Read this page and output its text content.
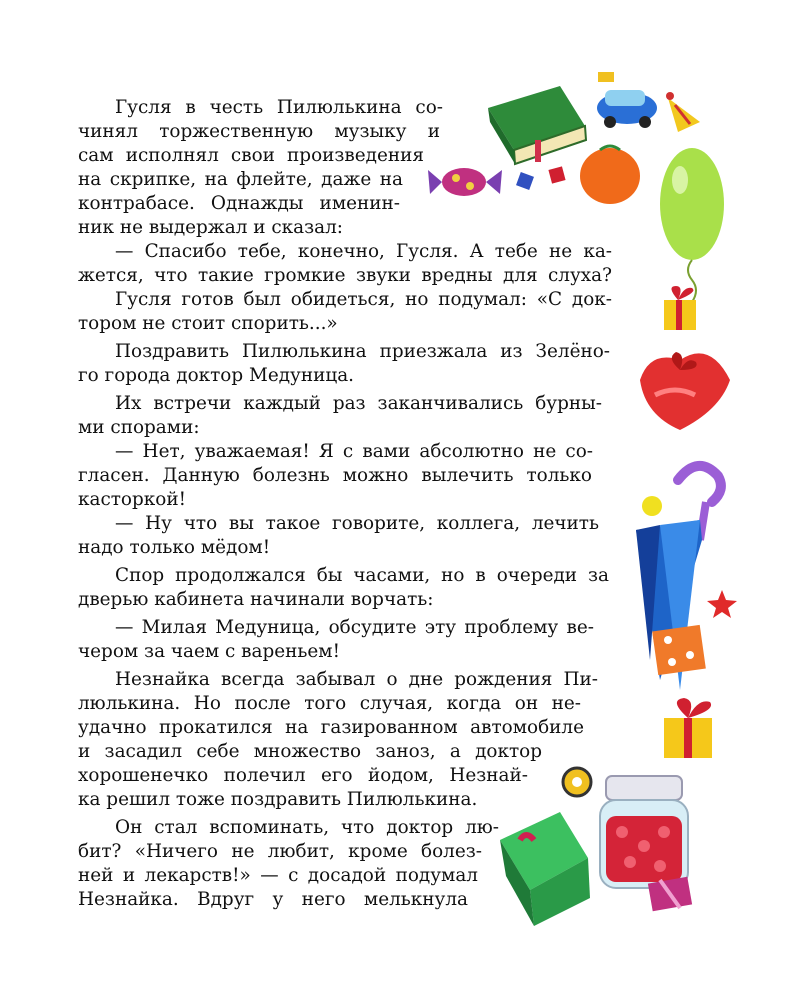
Гусля в честь Пилюлькина со-
чинял торжественную музыку и
сам исполнял свои произведения
на скрипке, на флейте, даже на
контрабасе. Однажды именин-
ник не выдержал и сказал:
— Спасибо тебе, конечно, Гусля. А тебе не ка-
жется, что такие громкие звуки вредны для слуха?
Гусля готов был обидеться, но подумал: «С док-
тором не стоит спорить...»
Поздравить Пилюлькина приезжала из Зелёно-
го города доктор Медуница.
Их встречи каждый раз заканчивались бурны-
ми спорами:
— Нет, уважаемая! Я с вами абсолютно не со-
гласен. Данную болезнь можно вылечить только
касторкой!
— Ну что вы такое говорите, коллега, лечить
надо только мёдом!
Спор продолжался бы часами, но в очереди за
дверью кабинета начинали ворчать:
— Милая Медуница, обсудите эту проблему ве-
чером за чаем с вареньем!
Незнайка всегда забывал о дне рождения Пи-
люлькина. Но после того случая, когда он не-
удачно прокатился на газированном автомобиле
и засадил себе множество заноз, а доктор
хорошенечко полечил его йодом, Незнай-
ка решил тоже поздравить Пилюлькина.
Он стал вспоминать, что доктор лю-
бит? «Ничего не любит, кроме болез-
ней и лекарств!» — с досадой подумал
Незнайка. Вдруг у него мелькнула
